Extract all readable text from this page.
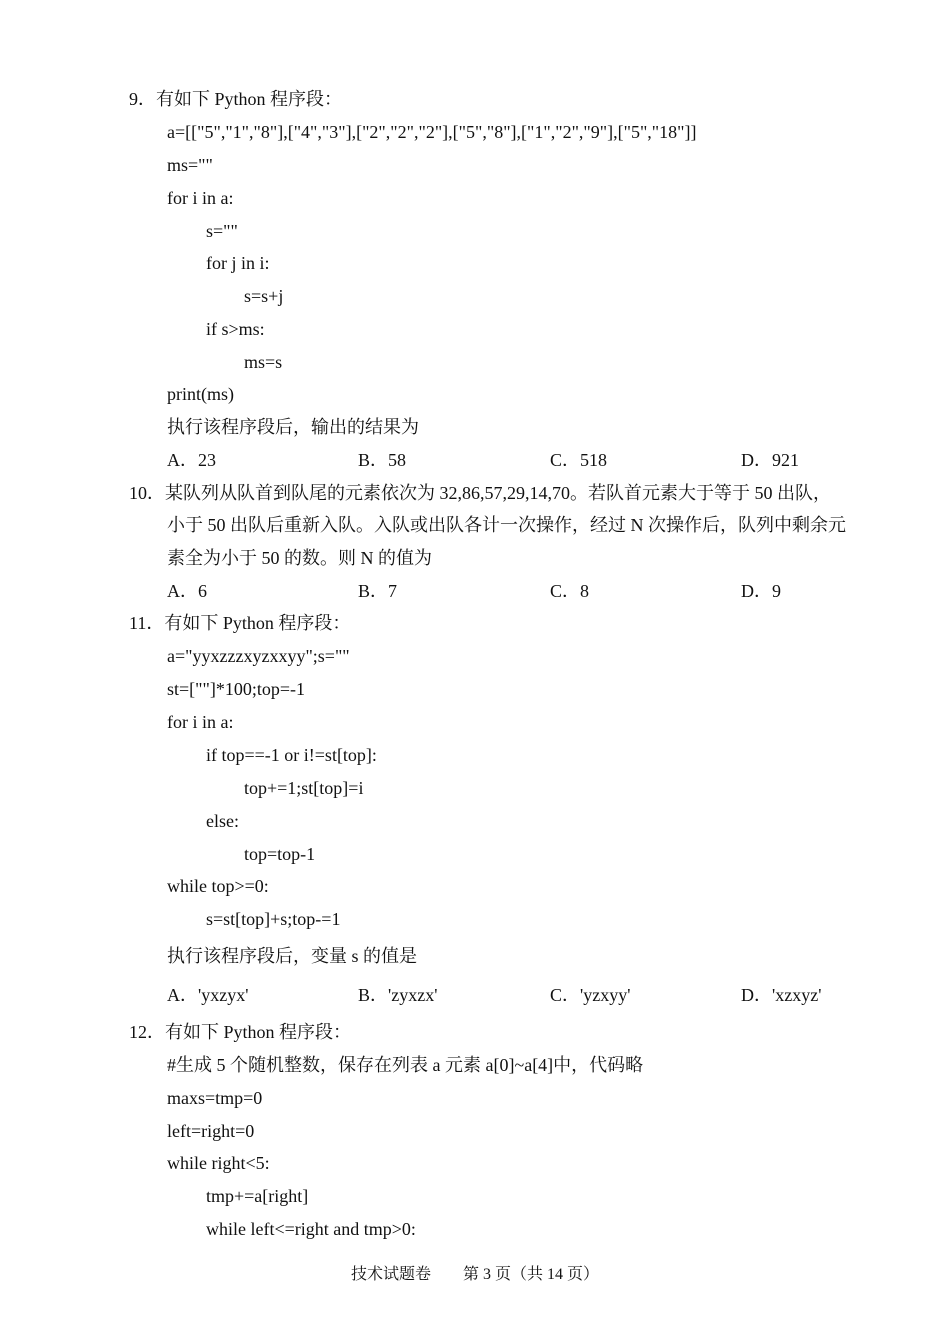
9．有如下 Python 程序段：
a=[["5","1","8"],["4","3"],["2","2","2"],["5","8"],["1","2","9"],["5","18"]]
ms=""
for i in a:
s=""
for j in i:
s=s+j
if s>ms:
ms=s
print(ms)
执行该程序段后，输出的结果为
A．23	B．58	C．518	D．921
10．某队列从队首到队尾的元素依次为 32,86,57,29,14,70。若队首元素大于等于 50 出队，
小于 50 出队后重新入队。入队或出队各计一次操作，经过 N 次操作后，队列中剩余元
素全为小于 50 的数。则 N 的值为
A．6	B．7	C．8	D．9
11．有如下 Python 程序段：
a="yyxzzzxyzxxyy";s=""
st=[""]*100;top=-1
for i in a:
if top==-1 or i!=st[top]:
top+=1;st[top]=i
else:
top=top-1
while top>=0:
s=st[top]+s;top-=1
执行该程序段后，变量 s 的值是
A．'yxzyx'	B．'zyxzx'	C．'yzxyy'	D．'xzxyz'
12．有如下 Python 程序段：
#生成 5 个随机整数，保存在列表 a 元素 a[0]~a[4]中，代码略
maxs=tmp=0
left=right=0
while right<5:
tmp+=a[right]
while left<=right and tmp>0:
技术试题卷 第 3 页（共 14 页）
